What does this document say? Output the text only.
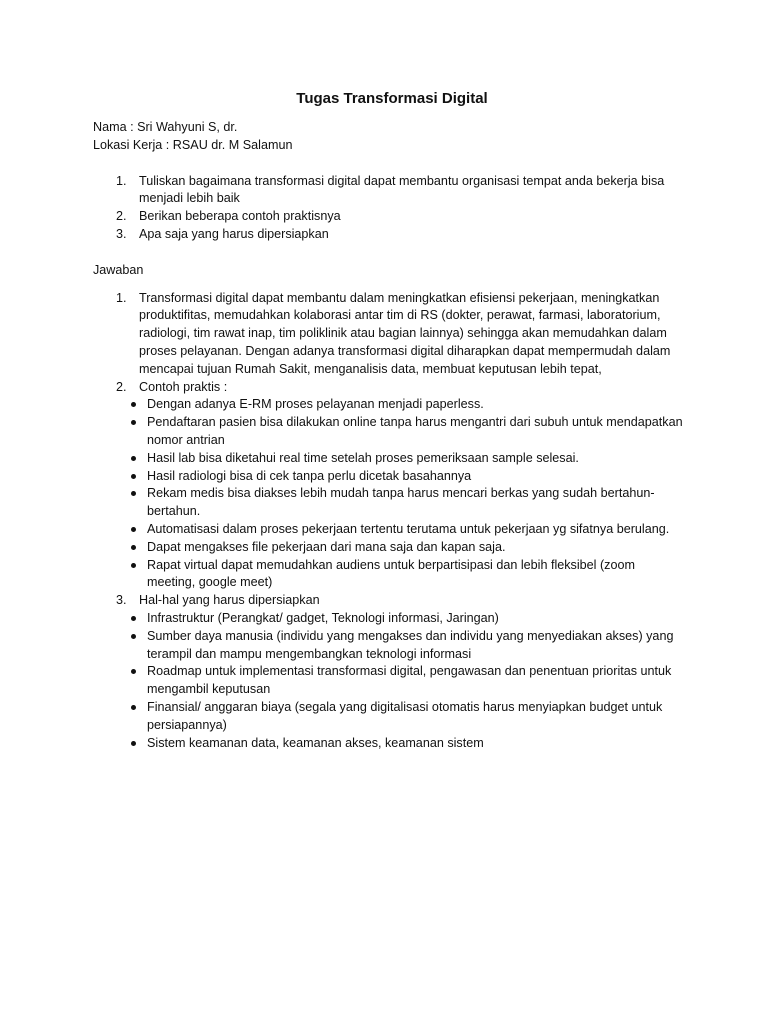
Tugas Transformasi Digital

Nama : Sri Wahyuni S, dr.

Lokasi Kerja : RSAU dr. M Salamun

1. Tuliskan bagaimana transformasi digital dapat membantu organisasi tempat anda bekerja bisa menjadi lebih baik
2. Berikan beberapa contoh praktisnya
3. Apa saja yang harus dipersiapkan

Jawaban

1. Transformasi digital dapat membantu dalam meningkatkan efisiensi pekerjaan, meningkatkan produktifitas, memudahkan kolaborasi antar tim di RS (dokter, perawat, farmasi, laboratorium, radiologi, tim rawat inap, tim poliklinik atau bagian lainnya) sehingga akan memudahkan dalam proses pelayanan. Dengan adanya transformasi digital diharapkan dapat mempermudah dalam mencapai tujuan Rumah Sakit, menganalisis data, membuat keputusan lebih tepat,
2. Contoh praktis :
Dengan adanya E-RM proses pelayanan menjadi paperless.
Pendaftaran pasien bisa dilakukan online tanpa harus mengantri dari subuh untuk mendapatkan nomor antrian
Hasil lab bisa diketahui real time setelah proses pemeriksaan sample selesai.
Hasil radiologi bisa di cek tanpa perlu dicetak basahannya
Rekam medis bisa diakses lebih mudah tanpa harus mencari berkas yang sudah bertahun-bertahun.
Automatisasi dalam proses pekerjaan tertentu terutama untuk pekerjaan yg sifatnya berulang.
Dapat mengakses file pekerjaan dari mana saja dan kapan saja.
Rapat virtual dapat memudahkan audiens untuk berpartisipasi dan lebih fleksibel (zoom meeting, google meet)
3. Hal-hal yang harus dipersiapkan
Infrastruktur (Perangkat/ gadget, Teknologi informasi, Jaringan)
Sumber daya manusia (individu yang mengakses dan individu yang menyediakan akses) yang terampil dan mampu mengembangkan teknologi informasi
Roadmap untuk implementasi transformasi digital, pengawasan dan penentuan prioritas untuk mengambil keputusan
Finansial/ anggaran biaya (segala yang digitalisasi otomatis harus menyiapkan budget untuk persiapannya)
Sistem keamanan data, keamanan akses, keamanan sistem
